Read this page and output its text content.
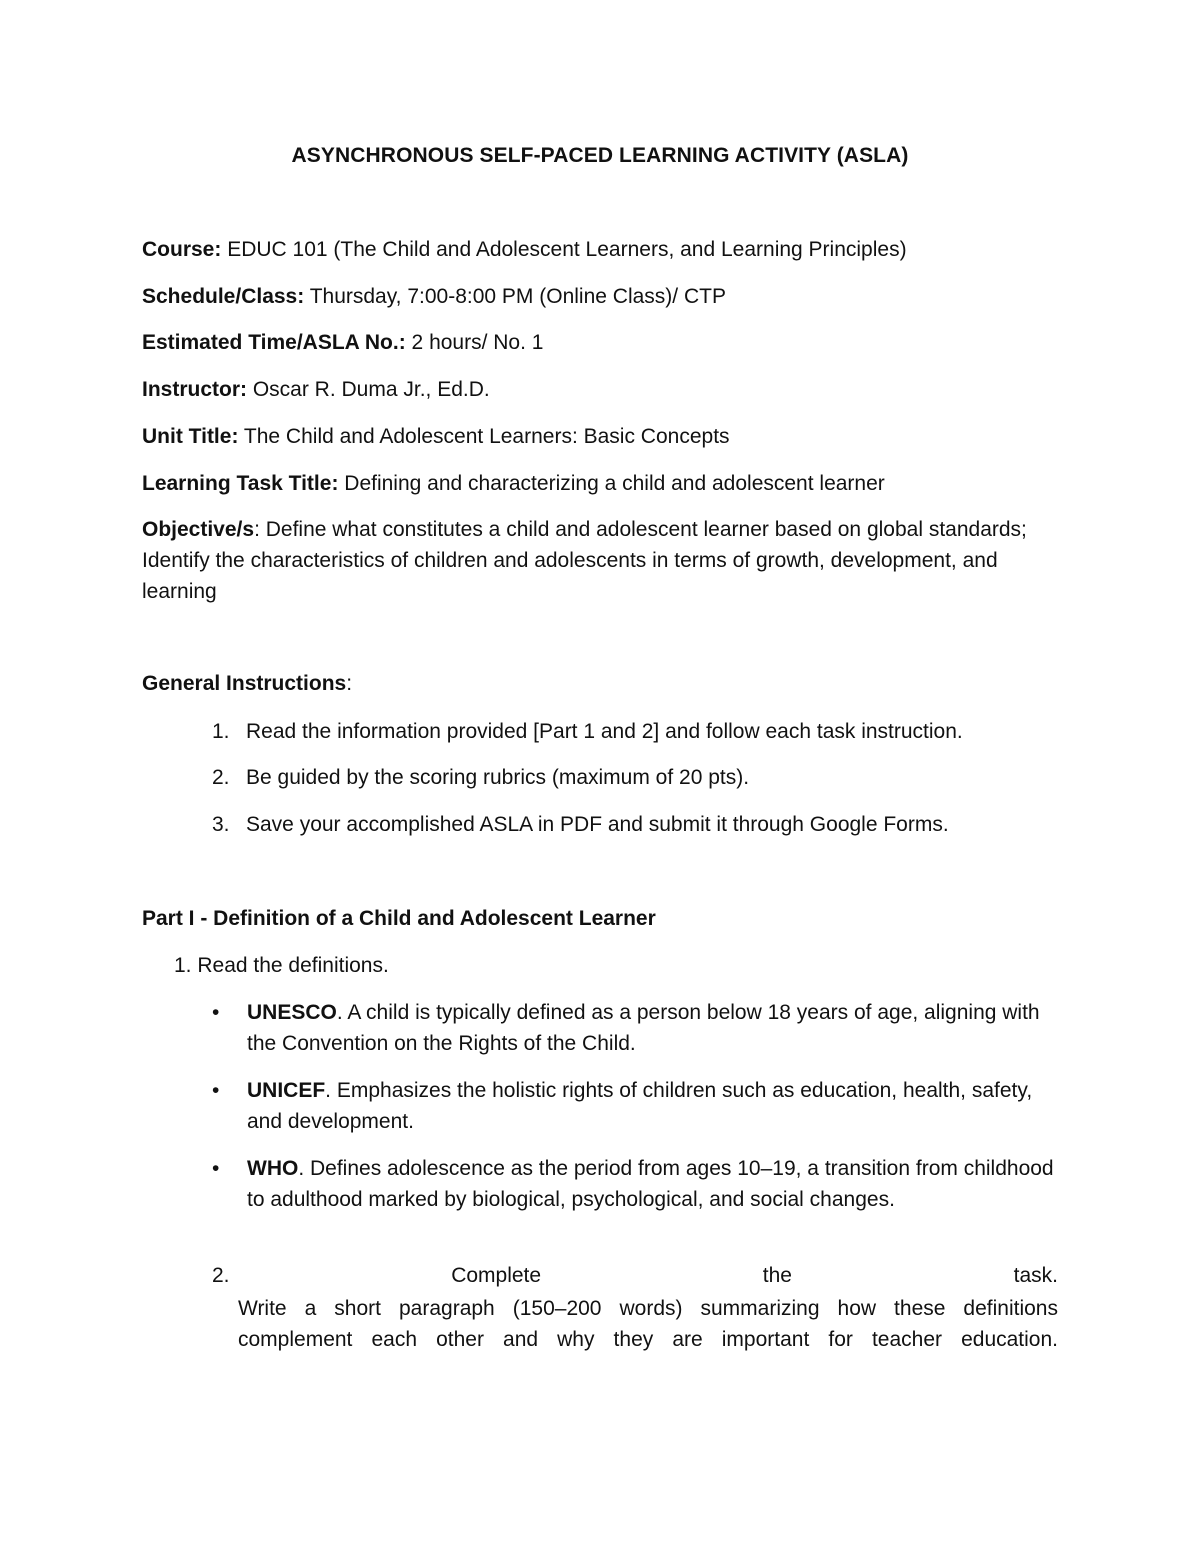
ASYNCHRONOUS SELF-PACED LEARNING ACTIVITY (ASLA)
Course: EDUC 101 (The Child and Adolescent Learners, and Learning Principles)
Schedule/Class: Thursday, 7:00-8:00 PM (Online Class)/ CTP
Estimated Time/ASLA No.: 2 hours/ No. 1
Instructor: Oscar R. Duma Jr., Ed.D.
Unit Title: The Child and Adolescent Learners: Basic Concepts
Learning Task Title: Defining and characterizing a child and adolescent learner
Objective/s: Define what constitutes a child and adolescent learner based on global standards; Identify the characteristics of children and adolescents in terms of growth, development, and learning
General Instructions:
1. Read the information provided [Part 1 and 2] and follow each task instruction.
2. Be guided by the scoring rubrics (maximum of 20 pts).
3. Save your accomplished ASLA in PDF and submit it through Google Forms.
Part I - Definition of a Child and Adolescent Learner
1. Read the definitions.
•	UNESCO. A child is typically defined as a person below 18 years of age, aligning with the Convention on the Rights of the Child.
•	UNICEF. Emphasizes the holistic rights of children such as education, health, safety, and development.
•	WHO. Defines adolescence as the period from ages 10–19, a transition from childhood to adulthood marked by biological, psychological, and social changes.
2.	Complete	the	task.
Write a short paragraph (150–200 words) summarizing how these definitions complement each other and why they are important for teacher education.
